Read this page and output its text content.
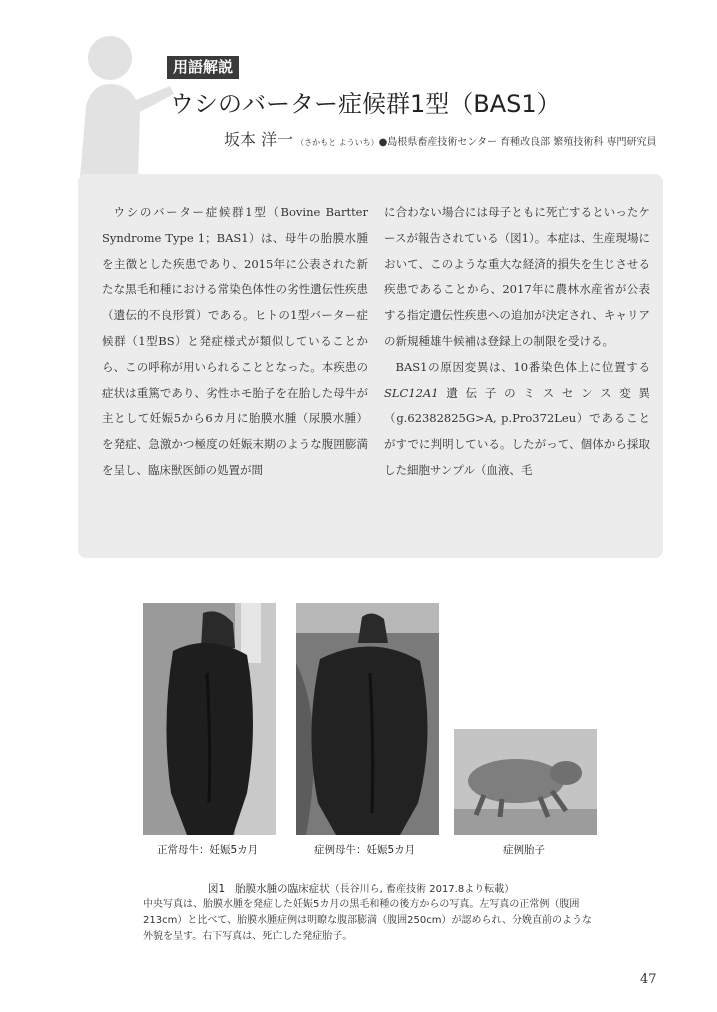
用語解説
ウシのバーター症候群1型（BAS1）
坂本 洋一 （さかもと よういち）●島根県畜産技術センター 育種改良部 繁殖技術科 専門研究員

ウシのバーター症候群1型（Bovine Bartter Syndrome Type 1；BAS1）は、母牛の胎膜水腫を主徴とした疾患であり、2015年に公表された新たな黒毛和種における常染色体性の劣性遺伝性疾患（遺伝的不良形質）である。ヒトの1型バーター症候群（1型BS）と発症様式が類似していることから、この呼称が用いられることとなった。本疾患の症状は重篤であり、劣性ホモ胎子を在胎した母牛が主として妊娠5から6カ月に胎膜水腫（尿膜水腫）を発症、急激かつ極度の妊娠末期のような腹囲膨満を呈し、臨床獣医師の処置が間

に合わない場合には母子ともに死亡するといったケースが報告されている（図1）。本症は、生産現場において、このような重大な経済的損失を生じさせる疾患であることから、2017年に農林水産省が公表する指定遺伝性疾患への追加が決定され、キャリアの新規種雄牛候補は登録上の制限を受ける。

BAS1の原因変異は、10番染色体上に位置するSLC12A1遺伝子のミスセンス変異（g.62382825G>A, p.Pro372Leu）であることがすでに判明している。したがって、個体から採取した細胞サンプル（血液、毛

正常母牛：妊娠5カ月	症例母牛：妊娠5カ月	症例胎子
図1 胎膜水腫の臨床症状（長谷川ら, 畜産技術 2017.8より転載）
中央写真は、胎膜水腫を発症した妊娠5カ月の黒毛和種の後方からの写真。左写真の正常例（腹囲213cm）と比べて、胎膜水腫症例は明瞭な腹部膨満（腹囲250cm）が認められ、分娩直前のような外貌を呈す。右下写真は、死亡した発症胎子。
47
